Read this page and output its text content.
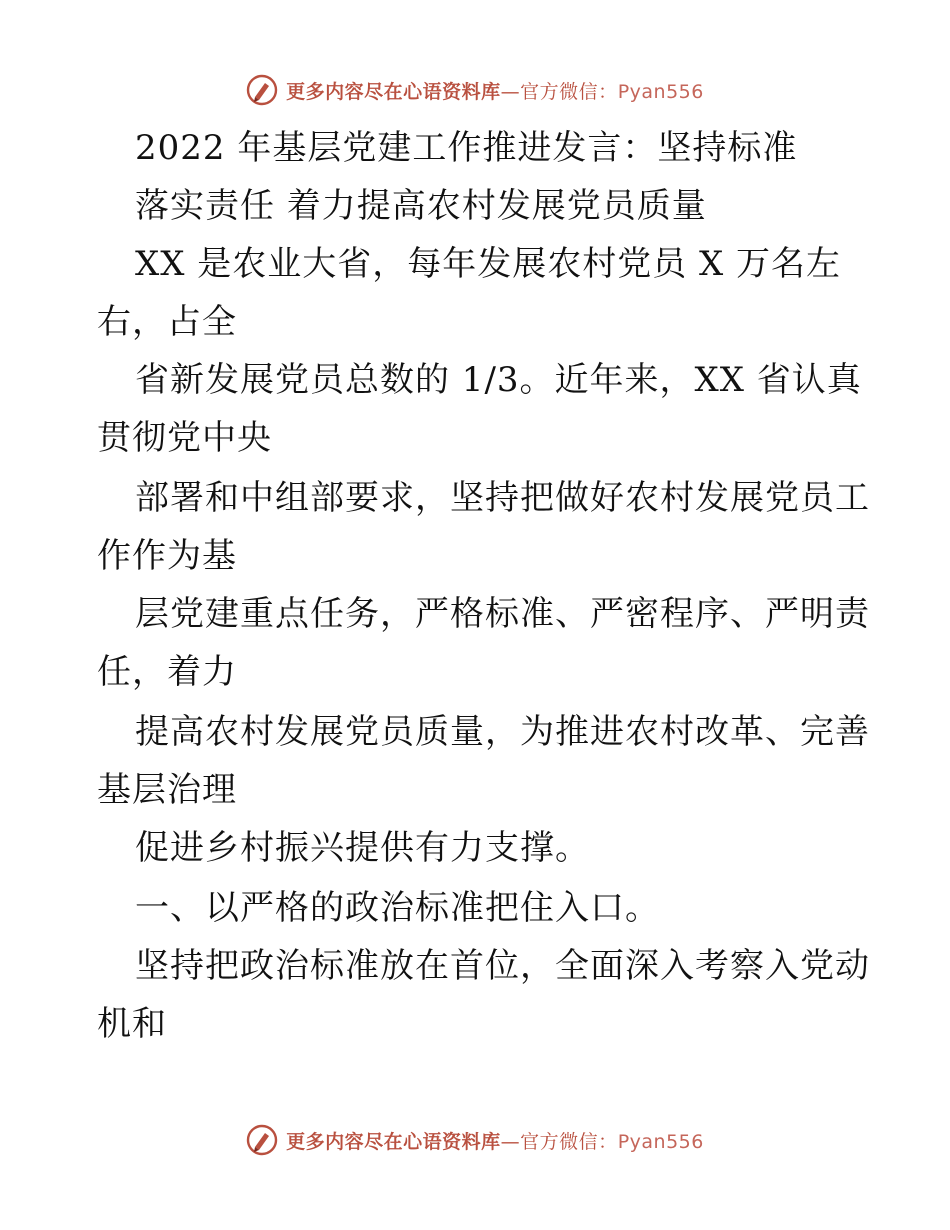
更多内容尽在心语资料库—官方微信：Pyan556
2022 年基层党建工作推进发言：坚持标准
落实责任 着力提高农村发展党员质量
XX 是农业大省，每年发展农村党员 X 万名左
右，占全
省新发展党员总数的 1/3。近年来，XX 省认真
贯彻党中央
部署和中组部要求，坚持把做好农村发展党员工
作作为基
层党建重点任务，严格标准、严密程序、严明责
任，着力
提高农村发展党员质量，为推进农村改革、完善
基层治理
促进乡村振兴提供有力支撑。
一、以严格的政治标准把住入口。
坚持把政治标准放在首位，全面深入考察入党动
机和
更多内容尽在心语资料库—官方微信：Pyan556
